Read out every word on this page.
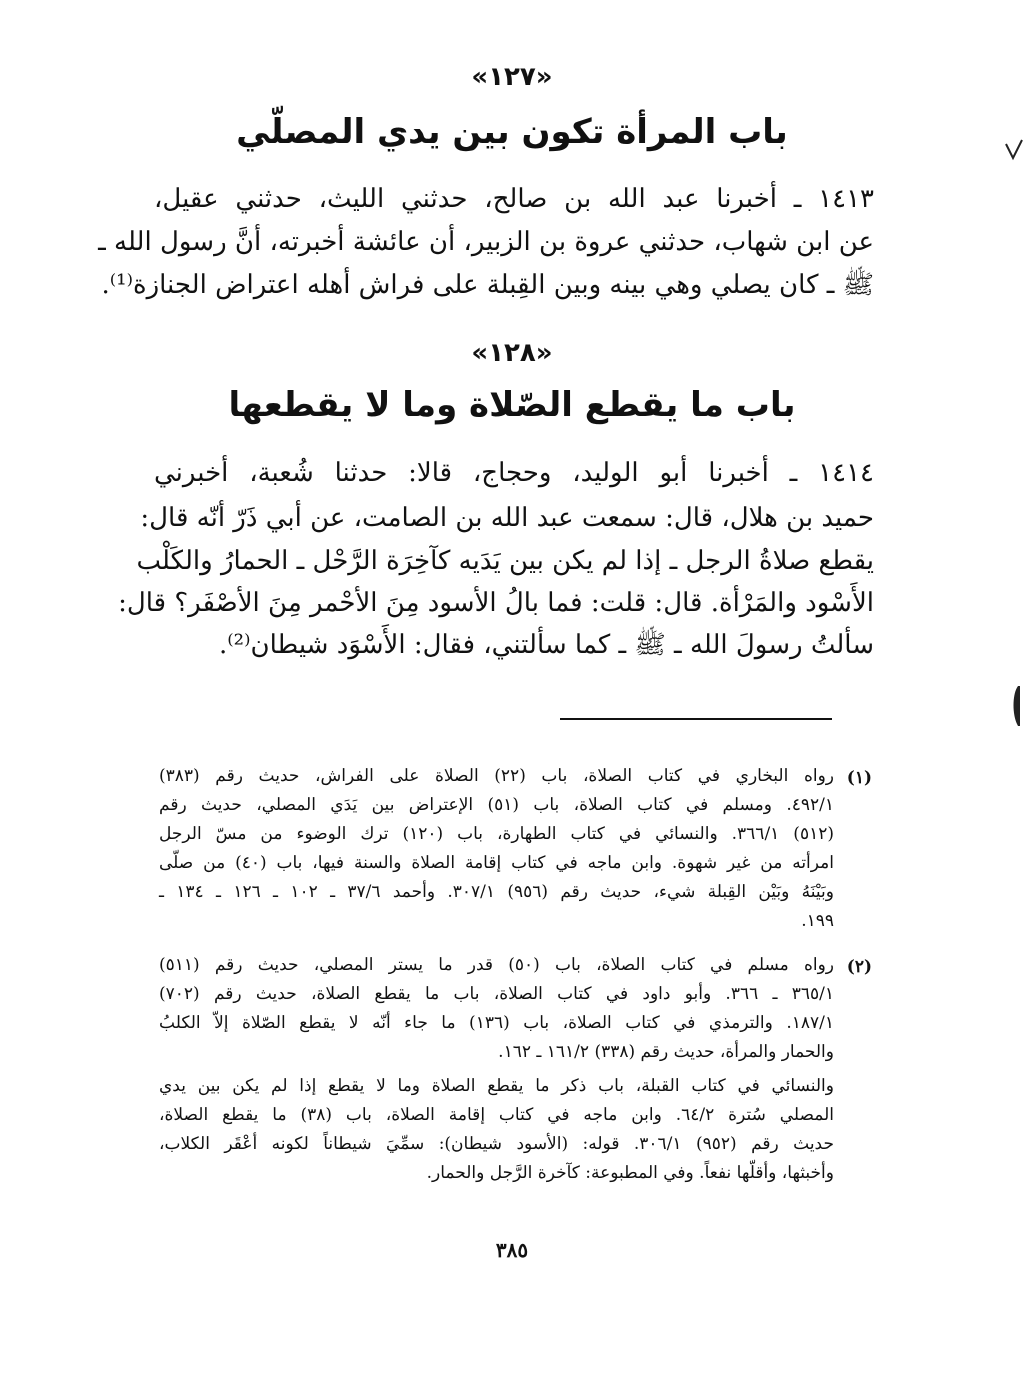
«١٢٧»
باب المرأة تكون بين يدي المصلّي
١٤١٣ ـ أخبرنا عبد الله بن صالح، حدثني الليث، حدثني عقيل،
عن ابن شهاب، حدثني عروة بن الزبير، أن عائشة أخبرته، أنَّ رسول الله ـ
ﷺ ـ كان يصلي وهي بينه وبين القِبلة على فراش أهله اعتراض الجنازة⁽¹⁾.
«١٢٨»
باب ما يقطع الصّلاة وما لا يقطعها
١٤١٤ ـ أخبرنا أبو الوليد، وحجاج، قالا: حدثنا شُعبة، أخبرني
حميد بن هلال، قال: سمعت عبد الله بن الصامت، عن أبي ذَرّ أنّه قال:
يقطع صلاةُ الرجل ـ إذا لم يكن بين يَدَيه كآخِرَة الرَّحْل ـ الحمارُ والكَلْب
الأَسْود والمَرْأة. قال: قلت: فما بالُ الأسود مِنَ الأحْمر مِنَ الأصْفَر؟ قال:
سألتُ رسولَ الله ـ ﷺ ـ كما سألتني، فقال: الأَسْوَد شيطان⁽²⁾.
(١)
رواه البخاري في كتاب الصلاة، باب (٢٢) الصلاة على الفراش، حديث رقم (٣٨٣)
٤٩٢/١. ومسلم في كتاب الصلاة، باب (٥١) الإعتراض بين يَدَي المصلي، حديث رقم
(٥١٢) ٣٦٦/١. والنسائي في كتاب الطهارة، باب (١٢٠) ترك الوضوء من مسّ الرجل
امرأته من غير شهوة. وابن ماجه في كتاب إقامة الصلاة والسنة فيها، باب (٤٠) من صلّى
وبَيْنَهُ وبَيْن القِبلة شيء، حديث رقم (٩٥٦) ٣٠٧/١. وأحمد ٣٧/٦ ـ ١٠٢ ـ ١٢٦ ـ ١٣٤ ـ
١٩٩.
(٢)
رواه مسلم في كتاب الصلاة، باب (٥٠) قدر ما يستر المصلي، حديث رقم (٥١١)
٣٦٥/١ ـ ٣٦٦. وأبو داود في كتاب الصلاة، باب ما يقطع الصلاة، حديث رقم (٧٠٢)
١٨٧/١. والترمذي في كتاب الصلاة، باب (١٣٦) ما جاء أنّه لا يقطع الصّلاة إلاّ الكلبُ
والحمار والمرأة، حديث رقم (٣٣٨) ١٦١/٢ ـ ١٦٢.
والنسائي في كتاب القبلة، باب ذكر ما يقطع الصلاة وما لا يقطع إذا لم يكن بين يدي
المصلي سُترة ٦٤/٢. وابن ماجه في كتاب إقامة الصلاة، باب (٣٨) ما يقطع الصلاة،
حديث رقم (٩٥٢) ٣٠٦/١. قوله: (الأسود شيطان): سمِّيَ شيطاناً لكونه أعْقَر الكلاب،
وأخبثها، وأقلّها نفعاً. وفي المطبوعة: كآخرة الرَّجل والحمار.
٣٨٥
